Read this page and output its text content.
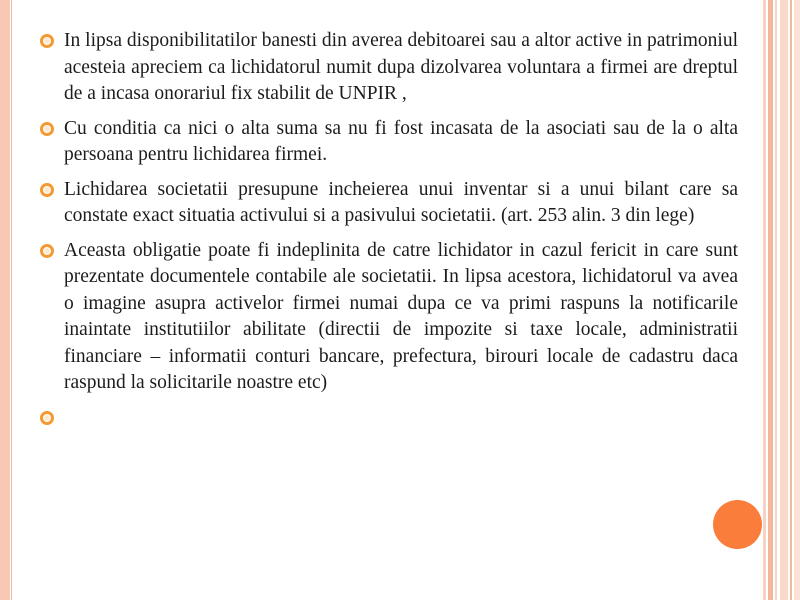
In lipsa disponibilitatilor banesti din averea debitoarei sau a altor active in patrimoniul acesteia apreciem ca lichidatorul numit dupa dizolvarea voluntara a firmei are dreptul de a incasa onorariul fix stabilit de UNPIR ,
Cu conditia ca nici o alta suma sa nu fi fost incasata de la asociati sau de la o alta persoana pentru lichidarea firmei.
Lichidarea societatii presupune incheierea unui inventar si a unui bilant care sa constate exact situatia activului si a pasivului societatii. (art. 253 alin. 3 din lege)
Aceasta obligatie poate fi indeplinita de catre lichidator in cazul fericit in care sunt prezentate documentele contabile ale societatii. In lipsa acestora, lichidatorul va avea o imagine asupra activelor firmei numai dupa ce va primi raspuns la notificarile inaintate institutiilor abilitate (directii de impozite si taxe locale, administratii financiare – informatii conturi bancare, prefectura, birouri locale de cadastru daca raspund la solicitarile noastre etc)
